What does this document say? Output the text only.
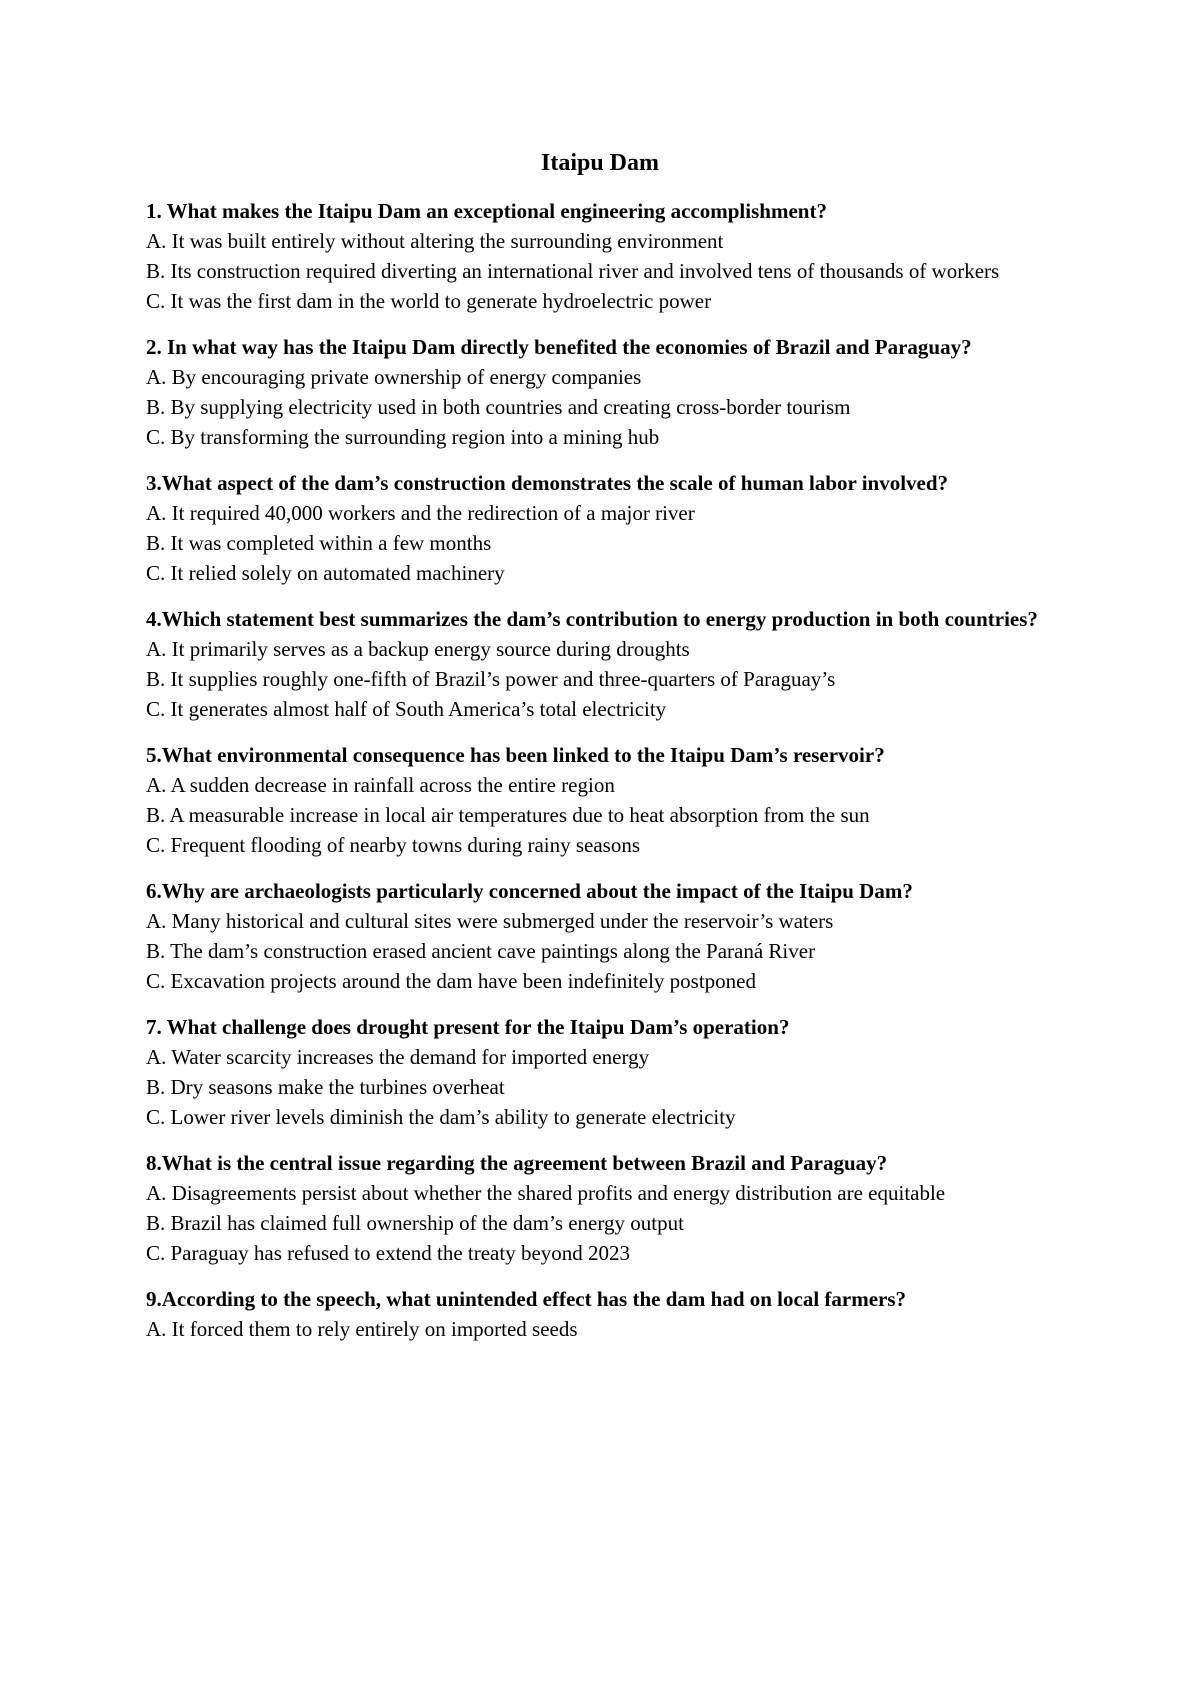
Itaipu Dam

1. What makes the Itaipu Dam an exceptional engineering accomplishment?

A. It was built entirely without altering the surrounding environment

B. Its construction required diverting an international river and involved tens of thousands of workers

C. It was the first dam in the world to generate hydroelectric power

2. In what way has the Itaipu Dam directly benefited the economies of Brazil and Paraguay?

A. By encouraging private ownership of energy companies

B. By supplying electricity used in both countries and creating cross-border tourism

C. By transforming the surrounding region into a mining hub

3.What aspect of the dam’s construction demonstrates the scale of human labor involved?

A. It required 40,000 workers and the redirection of a major river

B. It was completed within a few months

C. It relied solely on automated machinery

4.Which statement best summarizes the dam’s contribution to energy production in both countries?

A. It primarily serves as a backup energy source during droughts

B. It supplies roughly one-fifth of Brazil’s power and three-quarters of Paraguay’s

C. It generates almost half of South America’s total electricity

5.What environmental consequence has been linked to the Itaipu Dam’s reservoir?

A. A sudden decrease in rainfall across the entire region

B. A measurable increase in local air temperatures due to heat absorption from the sun

C. Frequent flooding of nearby towns during rainy seasons

6.Why are archaeologists particularly concerned about the impact of the Itaipu Dam?

A. Many historical and cultural sites were submerged under the reservoir’s waters

B. The dam’s construction erased ancient cave paintings along the Paraná River

C. Excavation projects around the dam have been indefinitely postponed

7. What challenge does drought present for the Itaipu Dam’s operation?

A. Water scarcity increases the demand for imported energy

B. Dry seasons make the turbines overheat

C. Lower river levels diminish the dam’s ability to generate electricity

8.What is the central issue regarding the agreement between Brazil and Paraguay?

A. Disagreements persist about whether the shared profits and energy distribution are equitable

B. Brazil has claimed full ownership of the dam’s energy output

C. Paraguay has refused to extend the treaty beyond 2023

9.According to the speech, what unintended effect has the dam had on local farmers?

A. It forced them to rely entirely on imported seeds
